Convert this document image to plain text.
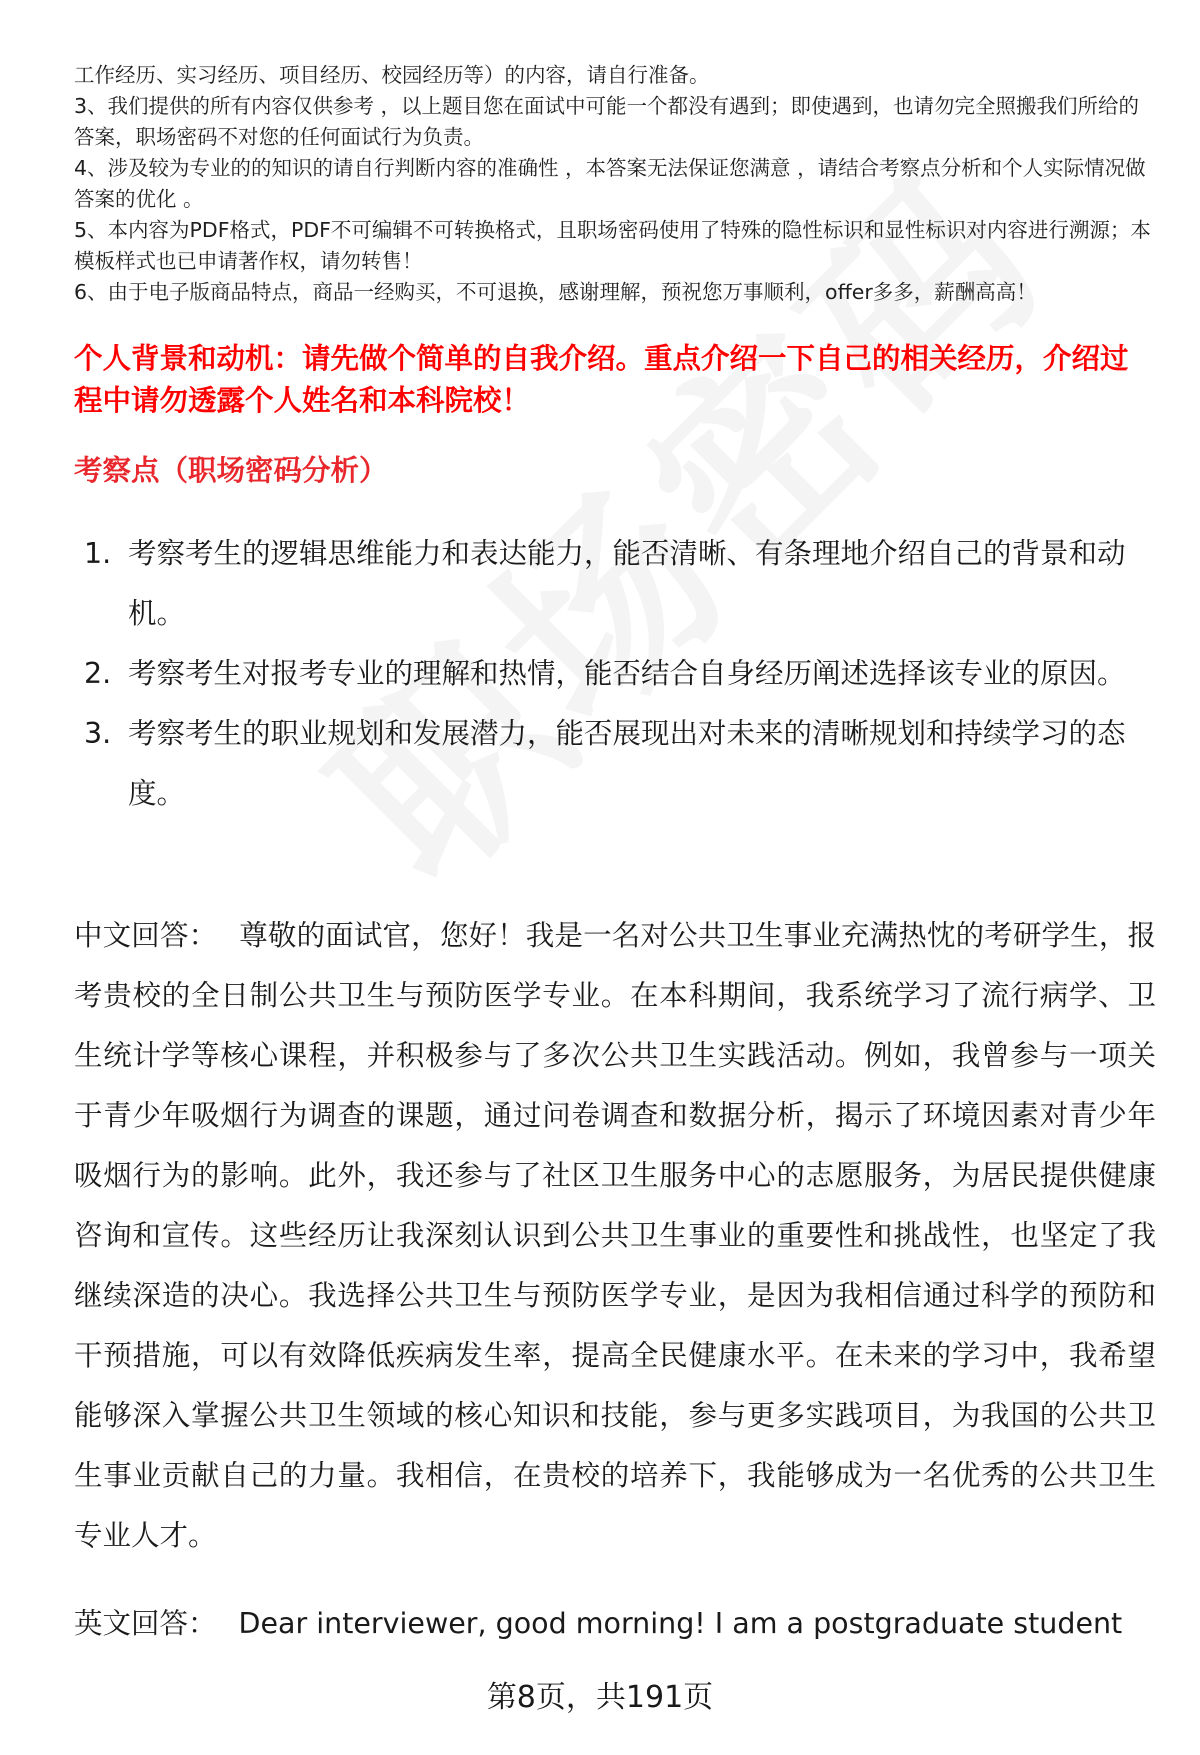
工作经历、实习经历、项目经历、校园经历等）的内容，请自行准备。

3、我们提供的所有内容仅供参考 ，以上题目您在面试中可能一个都没有遇到；即使遇到，也请勿完全照搬我们所给的答案，职场密码不对您的任何面试行为负责。

4、涉及较为专业的的知识的请自行判断内容的准确性 ，本答案无法保证您满意 ，请结合考察点分析和个人实际情况做答案的优化 。

5、本内容为PDF格式，PDF不可编辑不可转换格式，且职场密码使用了特殊的隐性标识和显性标识对内容进行溯源；本模板样式也已申请著作权，请勿转售！

6、由于电子版商品特点，商品一经购买，不可退换，感谢理解，预祝您万事顺利，offer多多，薪酬高高！

个人背景和动机：请先做个简单的自我介绍。重点介绍一下自己的相关经历，介绍过程中请勿透露个人姓名和本科院校！

考察点（职场密码分析）

1. 考察考生的逻辑思维能力和表达能力，能否清晰、有条理地介绍自己的背景和动机。
2. 考察考生对报考专业的理解和热情，能否结合自身经历阐述选择该专业的原因。
3. 考察考生的职业规划和发展潜力，能否展现出对未来的清晰规划和持续学习的态度。

中文回答： 尊敬的面试官，您好！我是一名对公共卫生事业充满热忱的考研学生，报考贵校的全日制公共卫生与预防医学专业。在本科期间，我系统学习了流行病学、卫生统计学等核心课程，并积极参与了多次公共卫生实践活动。例如，我曾参与一项关于青少年吸烟行为调查的课题，通过问卷调查和数据分析，揭示了环境因素对青少年吸烟行为的影响。此外，我还参与了社区卫生服务中心的志愿服务，为居民提供健康咨询和宣传。这些经历让我深刻认识到公共卫生事业的重要性和挑战性，也坚定了我继续深造的决心。我选择公共卫生与预防医学专业，是因为我相信通过科学的预防和干预措施，可以有效降低疾病发生率，提高全民健康水平。在未来的学习中，我希望能够深入掌握公共卫生领域的核心知识和技能，参与更多实践项目，为我国的公共卫生事业贡献自己的力量。我相信，在贵校的培养下，我能够成为一名优秀的公共卫生专业人才。

英文回答： Dear interviewer, good morning! I am a postgraduate student

第8页，共191页
